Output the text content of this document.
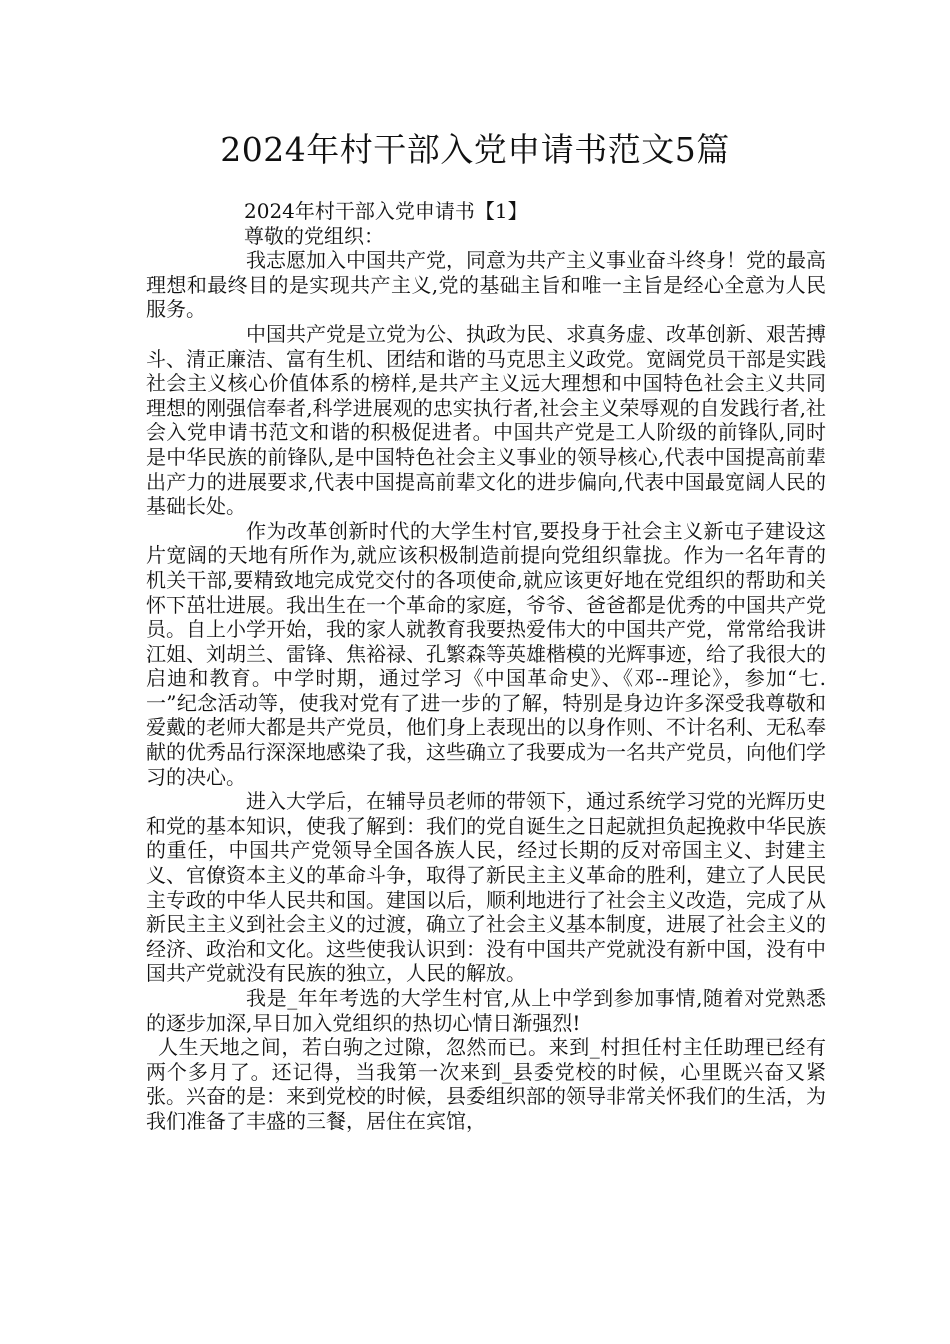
2024年村干部入党申请书范文5篇

2024年村干部入党申请书【1】

尊敬的党组织：

我志愿加入中国共产党，同意为共产主义事业奋斗终身！党的最高理想和最终目的是实现共产主义,党的基础主旨和唯一主旨是经心全意为人民服务。

中国共产党是立党为公、执政为民、求真务虚、改革创新、艰苦搏斗、清正廉洁、富有生机、团结和谐的马克思主义政党。宽阔党员干部是实践社会主义核心价值体系的榜样,是共产主义远大理想和中国特色社会主义共同理想的刚强信奉者,科学进展观的忠实执行者,社会主义荣辱观的自发践行者,社会入党申请书范文和谐的积极促进者。中国共产党是工人阶级的前锋队,同时是中华民族的前锋队,是中国特色社会主义事业的领导核心,代表中国提高前辈出产力的进展要求,代表中国提高前辈文化的进步偏向,代表中国最宽阔人民的基础长处。

作为改革创新时代的大学生村官,要投身于社会主义新屯子建设这片宽阔的天地有所作为,就应该积极制造前提向党组织靠拢。作为一名年青的机关干部,要精致地完成党交付的各项使命,就应该更好地在党组织的帮助和关怀下茁壮进展。我出生在一个革命的家庭，爷爷、爸爸都是优秀的中国共产党员。自上小学开始，我的家人就教育我要热爱伟大的中国共产党，常常给我讲江姐、刘胡兰、雷锋、焦裕禄、孔繁森等英雄楷模的光辉事迹，给了我很大的启迪和教育。中学时期，通过学习《中国革命史》、《邓--理论》，参加“七.一”纪念活动等，使我对党有了进一步的了解，特别是身边许多深受我尊敬和爱戴的老师大都是共产党员，他们身上表现出的以身作则、不计名利、无私奉献的优秀品行深深地感染了我，这些确立了我要成为一名共产党员，向他们学习的决心。

进入大学后，在辅导员老师的带领下，通过系统学习党的光辉历史和党的基本知识，使我了解到：我们的党自诞生之日起就担负起挽救中华民族的重任，中国共产党领导全国各族人民，经过长期的反对帝国主义、封建主义、官僚资本主义的革命斗争，取得了新民主主义革命的胜利，建立了人民民主专政的中华人民共和国。建国以后，顺利地进行了社会主义改造，完成了从新民主主义到社会主义的过渡，确立了社会主义基本制度，进展了社会主义的经济、政治和文化。这些使我认识到：没有中国共产党就没有新中国，没有中国共产党就没有民族的独立，人民的解放。

我是_年年考选的大学生村官,从上中学到参加事情,随着对党熟悉的逐步加深,早日加入党组织的热切心情日渐强烈!

人生天地之间，若白驹之过隙，忽然而已。来到_村担任村主任助理已经有两个多月了。还记得，当我第一次来到_县委党校的时候，心里既兴奋又紧张。兴奋的是：来到党校的时候，县委组织部的领导非常关怀我们的生活，为我们准备了丰盛的三餐，居住在宾馆，
